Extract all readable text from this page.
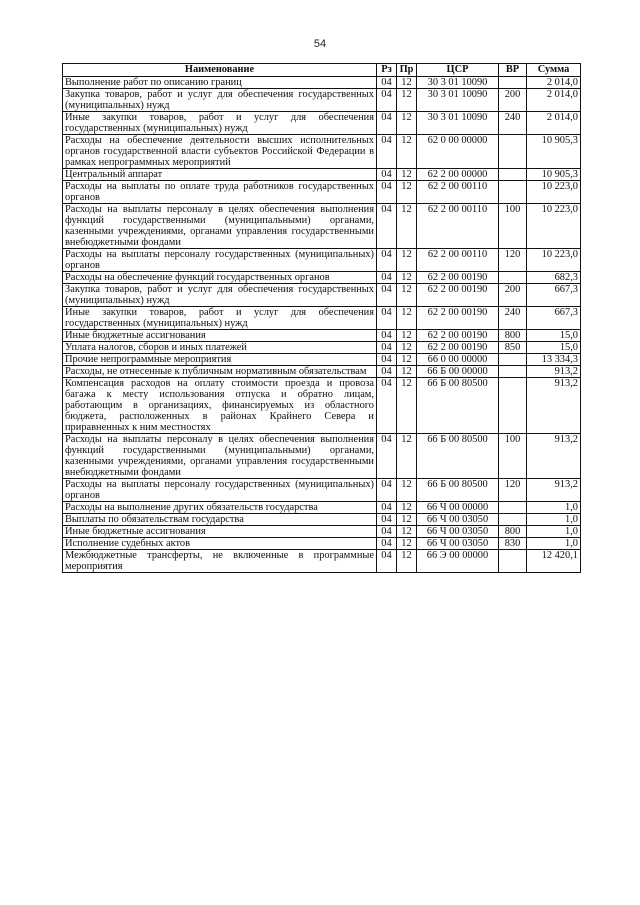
54
Наименование	Рз	Пр	ЦСР	ВР	Сумма
Выполнение работ по описанию границ	04	12	30 3 01 10090		2 014,0
Закупка товаров, работ и услуг для обеспечения государственных (муниципальных) нужд	04	12	30 3 01 10090	200	2 014,0
Иные закупки товаров, работ и услуг для обеспечения государственных (муниципальных) нужд	04	12	30 3 01 10090	240	2 014,0
Расходы на обеспечение деятельности высших исполнительных органов государственной власти субъектов Российской Федерации в рамках непрограммных мероприятий	04	12	62 0 00 00000		10 905,3
Центральный аппарат	04	12	62 2 00 00000		10 905,3
Расходы на выплаты по оплате труда работников государственных органов	04	12	62 2 00 00110		10 223,0
Расходы на выплаты персоналу в целях обеспечения выполнения функций государственными (муниципальными) органами, казенными учреждениями, органами управления государственными внебюджетными фондами	04	12	62 2 00 00110	100	10 223,0
Расходы на выплаты персоналу государственных (муниципальных) органов	04	12	62 2 00 00110	120	10 223,0
Расходы на обеспечение функций государственных органов	04	12	62 2 00 00190		682,3
Закупка товаров, работ и услуг для обеспечения государственных (муниципальных) нужд	04	12	62 2 00 00190	200	667,3
Иные закупки товаров, работ и услуг для обеспечения государственных (муниципальных) нужд	04	12	62 2 00 00190	240	667,3
Иные бюджетные ассигнования	04	12	62 2 00 00190	800	15,0
Уплата налогов, сборов и иных платежей	04	12	62 2 00 00190	850	15,0
Прочие непрограммные мероприятия	04	12	66 0 00 00000		13 334,3
Расходы, не отнесенные к публичным нормативным обязательствам	04	12	66 Б 00 00000		913,2
Компенсация расходов на оплату стоимости проезда и провоза багажа к месту использования отпуска и обратно лицам, работающим в организациях, финансируемых из областного бюджета, расположенных в районах Крайнего Севера и приравненных к ним местностях	04	12	66 Б 00 80500		913,2
Расходы на выплаты персоналу в целях обеспечения выполнения функций государственными (муниципальными) органами, казенными учреждениями, органами управления государственными внебюджетными фондами	04	12	66 Б 00 80500	100	913,2
Расходы на выплаты персоналу государственных (муниципальных) органов	04	12	66 Б 00 80500	120	913,2
Расходы на выполнение других обязательств государства	04	12	66 Ч 00 00000		1,0
Выплаты по обязательствам государства	04	12	66 Ч 00 03050		1,0
Иные бюджетные ассигнования	04	12	66 Ч 00 03050	800	1,0
Исполнение судебных актов	04	12	66 Ч 00 03050	830	1,0
Межбюджетные трансферты, не включенные в программные мероприятия	04	12	66 Э 00 00000		12 420,1
